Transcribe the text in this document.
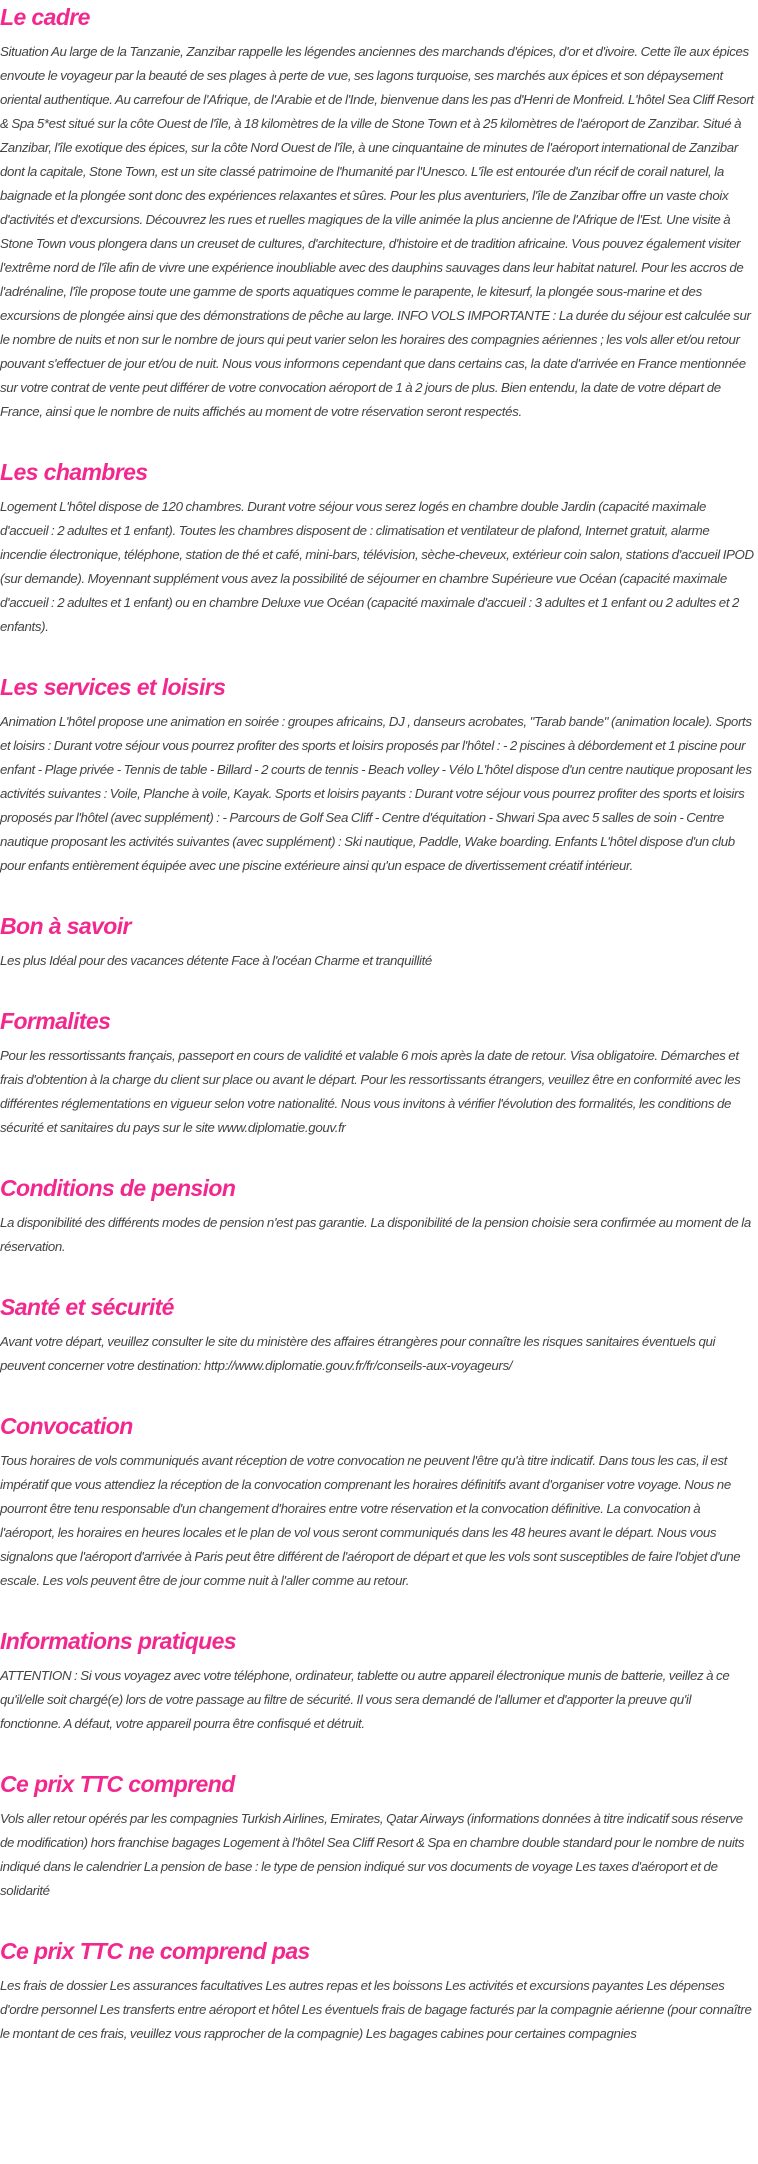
Le cadre

Situation Au large de la Tanzanie, Zanzibar rappelle les légendes anciennes des marchands d'épices, d'or et d'ivoire. Cette île aux épices envoute le voyageur par la beauté de ses plages à perte de vue, ses lagons turquoise, ses marchés aux épices et son dépaysement oriental authentique. Au carrefour de l'Afrique, de l'Arabie et de l'Inde, bienvenue dans les pas d'Henri de Monfreid. L'hôtel Sea Cliff Resort & Spa 5*est situé sur la côte Ouest de l'île, à 18 kilomètres de la ville de Stone Town et à 25 kilomètres de l'aéroport de Zanzibar. Situé à Zanzibar, l'île exotique des épices, sur la côte Nord Ouest de l'île, à une cinquantaine de minutes de l'aéroport international de Zanzibar dont la capitale, Stone Town, est un site classé patrimoine de l'humanité par l'Unesco. L'île est entourée d'un récif de corail naturel, la baignade et la plongée sont donc des expériences relaxantes et sûres. Pour les plus aventuriers, l'île de Zanzibar offre un vaste choix d'activités et d'excursions. Découvrez les rues et ruelles magiques de la ville animée la plus ancienne de l'Afrique de l'Est. Une visite à Stone Town vous plongera dans un creuset de cultures, d'architecture, d'histoire et de tradition africaine. Vous pouvez également visiter l'extrême nord de l'île afin de vivre une expérience inoubliable avec des dauphins sauvages dans leur habitat naturel. Pour les accros de l'adrénaline, l'île propose toute une gamme de sports aquatiques comme le parapente, le kitesurf, la plongée sous-marine et des excursions de plongée ainsi que des démonstrations de pêche au large. INFO VOLS IMPORTANTE : La durée du séjour est calculée sur le nombre de nuits et non sur le nombre de jours qui peut varier selon les horaires des compagnies aériennes ; les vols aller et/ou retour pouvant s'effectuer de jour et/ou de nuit. Nous vous informons cependant que dans certains cas, la date d'arrivée en France mentionnée sur votre contrat de vente peut différer de votre convocation aéroport de 1 à 2 jours de plus. Bien entendu, la date de votre départ de France, ainsi que le nombre de nuits affichés au moment de votre réservation seront respectés.

Les chambres

Logement L'hôtel dispose de 120 chambres. Durant votre séjour vous serez logés en chambre double Jardin (capacité maximale d'accueil : 2 adultes et 1 enfant). Toutes les chambres disposent de : climatisation et ventilateur de plafond, Internet gratuit, alarme incendie électronique, téléphone, station de thé et café, mini-bars, télévision, sèche-cheveux, extérieur coin salon, stations d'accueil IPOD (sur demande). Moyennant supplément vous avez la possibilité de séjourner en chambre Supérieure vue Océan (capacité maximale d'accueil : 2 adultes et 1 enfant) ou en chambre Deluxe vue Océan (capacité maximale d'accueil : 3 adultes et 1 enfant ou 2 adultes et 2 enfants).

Les services et loisirs

Animation L'hôtel propose une animation en soirée : groupes africains, DJ , danseurs acrobates, "Tarab bande" (animation locale). Sports et loisirs : Durant votre séjour vous pourrez profiter des sports et loisirs proposés par l'hôtel : - 2 piscines à débordement et 1 piscine pour enfant - Plage privée - Tennis de table - Billard - 2 courts de tennis - Beach volley - Vélo L'hôtel dispose d'un centre nautique proposant les activités suivantes : Voile, Planche à voile, Kayak. Sports et loisirs payants : Durant votre séjour vous pourrez profiter des sports et loisirs proposés par l'hôtel (avec supplément) : - Parcours de Golf Sea Cliff - Centre d'équitation - Shwari Spa avec 5 salles de soin - Centre nautique proposant les activités suivantes (avec supplément) : Ski nautique, Paddle, Wake boarding. Enfants L'hôtel dispose d'un club pour enfants entièrement équipée avec une piscine extérieure ainsi qu'un espace de divertissement créatif intérieur.

Bon à savoir

Les plus Idéal pour des vacances détente Face à l'océan Charme et tranquillité

Formalites

Pour les ressortissants français, passeport en cours de validité et valable 6 mois après la date de retour. Visa obligatoire. Démarches et frais d'obtention à la charge du client sur place ou avant le départ. Pour les ressortissants étrangers, veuillez être en conformité avec les différentes réglementations en vigueur selon votre nationalité. Nous vous invitons à vérifier l'évolution des formalités, les conditions de sécurité et sanitaires du pays sur le site www.diplomatie.gouv.fr

Conditions de pension

La disponibilité des différents modes de pension n'est pas garantie. La disponibilité de la pension choisie sera confirmée au moment de la réservation.

Santé et sécurité

Avant votre départ, veuillez consulter le site du ministère des affaires étrangères pour connaître les risques sanitaires éventuels qui peuvent concerner votre destination: http://www.diplomatie.gouv.fr/fr/conseils-aux-voyageurs/

Convocation

Tous horaires de vols communiqués avant réception de votre convocation ne peuvent l'être qu'à titre indicatif. Dans tous les cas, il est impératif que vous attendiez la réception de la convocation comprenant les horaires définitifs avant d'organiser votre voyage. Nous ne pourront être tenu responsable d'un changement d'horaires entre votre réservation et la convocation définitive. La convocation à l'aéroport, les horaires en heures locales et le plan de vol vous seront communiqués dans les 48 heures avant le départ. Nous vous signalons que l'aéroport d'arrivée à Paris peut être différent de l'aéroport de départ et que les vols sont susceptibles de faire l'objet d'une escale. Les vols peuvent être de jour comme nuit à l'aller comme au retour.

Informations pratiques

ATTENTION : Si vous voyagez avec votre téléphone, ordinateur, tablette ou autre appareil électronique munis de batterie, veillez à ce qu'il/elle soit chargé(e) lors de votre passage au filtre de sécurité. Il vous sera demandé de l'allumer et d'apporter la preuve qu'il fonctionne. A défaut, votre appareil pourra être confisqué et détruit.

Ce prix TTC comprend

Vols aller retour opérés par les compagnies Turkish Airlines, Emirates, Qatar Airways (informations données à titre indicatif sous réserve de modification) hors franchise bagages Logement à l'hôtel Sea Cliff Resort & Spa en chambre double standard pour le nombre de nuits indiqué dans le calendrier La pension de base : le type de pension indiqué sur vos documents de voyage Les taxes d'aéroport et de solidarité

Ce prix TTC ne comprend pas

Les frais de dossier Les assurances facultatives Les autres repas et les boissons Les activités et excursions payantes Les dépenses d'ordre personnel Les transferts entre aéroport et hôtel Les éventuels frais de bagage facturés par la compagnie aérienne (pour connaître le montant de ces frais, veuillez vous rapprocher de la compagnie) Les bagages cabines pour certaines compagnies
